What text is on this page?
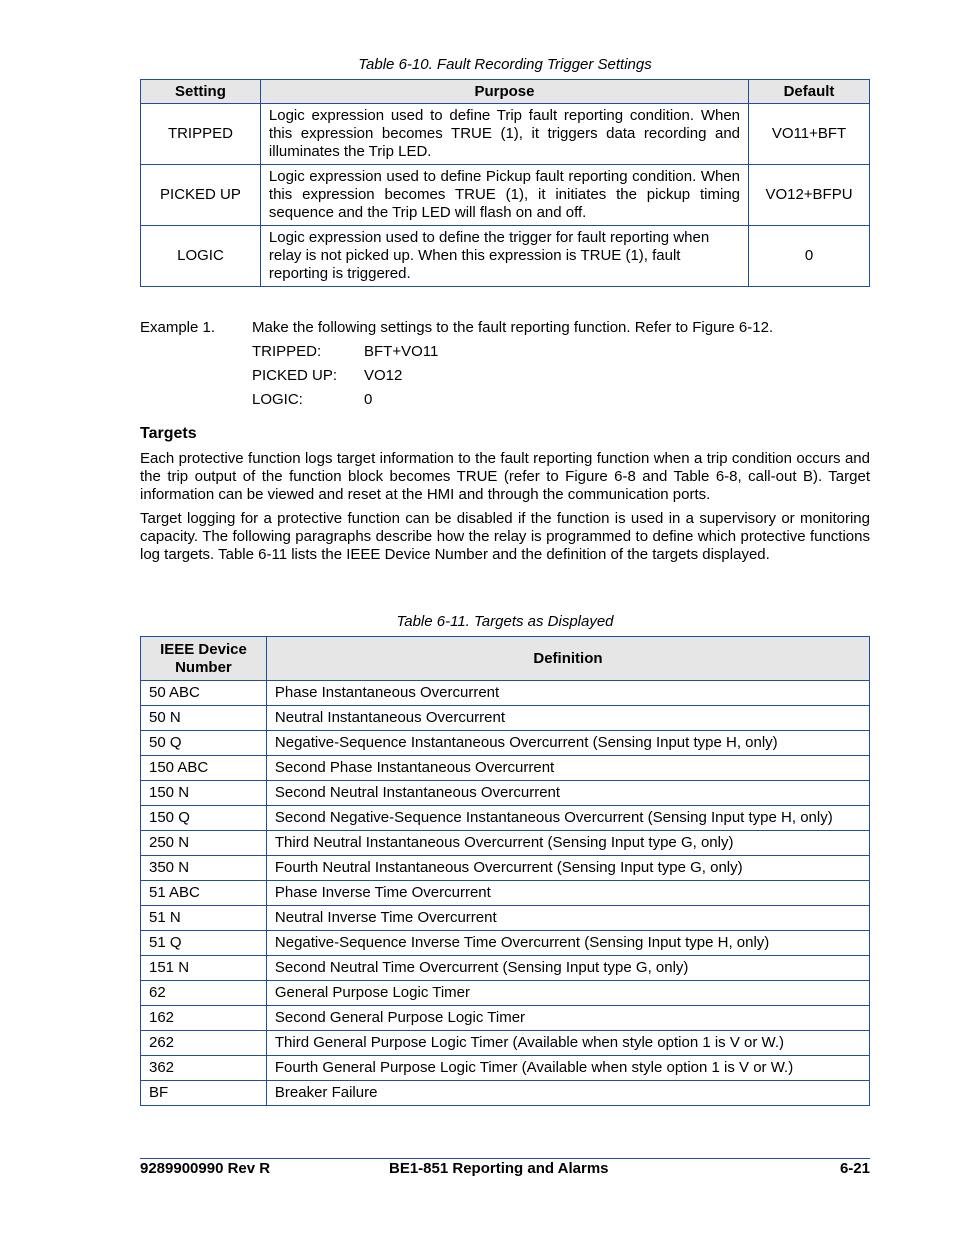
Table 6-10. Fault Recording Trigger Settings
Setting	Purpose	Default
TRIPPED	Logic expression used to define Trip fault reporting condition. When this expression becomes TRUE (1), it triggers data recording and illuminates the Trip LED.	VO11+BFT
PICKED UP	Logic expression used to define Pickup fault reporting condition. When this expression becomes TRUE (1), it initiates the pickup timing sequence and the Trip LED will flash on and off.	VO12+BFPU
LOGIC	Logic expression used to define the trigger for fault reporting when relay is not picked up. When this expression is TRUE (1), fault reporting is triggered.	0
Example 1. Make the following settings to the fault reporting function. Refer to Figure 6-12.
TRIPPED:	BFT+VO11
PICKED UP: VO12
LOGIC:	0
Targets

Each protective function logs target information to the fault reporting function when a trip condition occurs and the trip output of the function block becomes TRUE (refer to Figure 6-8 and Table 6-8, call-out B). Target information can be viewed and reset at the HMI and through the communication ports.

Target logging for a protective function can be disabled if the function is used in a supervisory or monitoring capacity. The following paragraphs describe how the relay is programmed to define which protective functions log targets. Table 6-11 lists the IEEE Device Number and the definition of the targets displayed.

Table 6-11. Targets as Displayed
IEEE Device Number	Definition
50 ABC	Phase Instantaneous Overcurrent
50 N	Neutral Instantaneous Overcurrent
50 Q	Negative-Sequence Instantaneous Overcurrent (Sensing Input type H, only)
150 ABC	Second Phase Instantaneous Overcurrent
150 N	Second Neutral Instantaneous Overcurrent
150 Q	Second Negative-Sequence Instantaneous Overcurrent (Sensing Input type H, only)
250 N	Third Neutral Instantaneous Overcurrent (Sensing Input type G, only)
350 N	Fourth Neutral Instantaneous Overcurrent (Sensing Input type G, only)
51 ABC	Phase Inverse Time Overcurrent
51 N	Neutral Inverse Time Overcurrent
51 Q	Negative-Sequence Inverse Time Overcurrent (Sensing Input type H, only)
151 N	Second Neutral Time Overcurrent (Sensing Input type G, only)
62	General Purpose Logic Timer
162	Second General Purpose Logic Timer
262	Third General Purpose Logic Timer (Available when style option 1 is V or W.)
362	Fourth General Purpose Logic Timer (Available when style option 1 is V or W.)
BF	Breaker Failure
9289900990 Rev R	BE1-851 Reporting and Alarms	6-21
